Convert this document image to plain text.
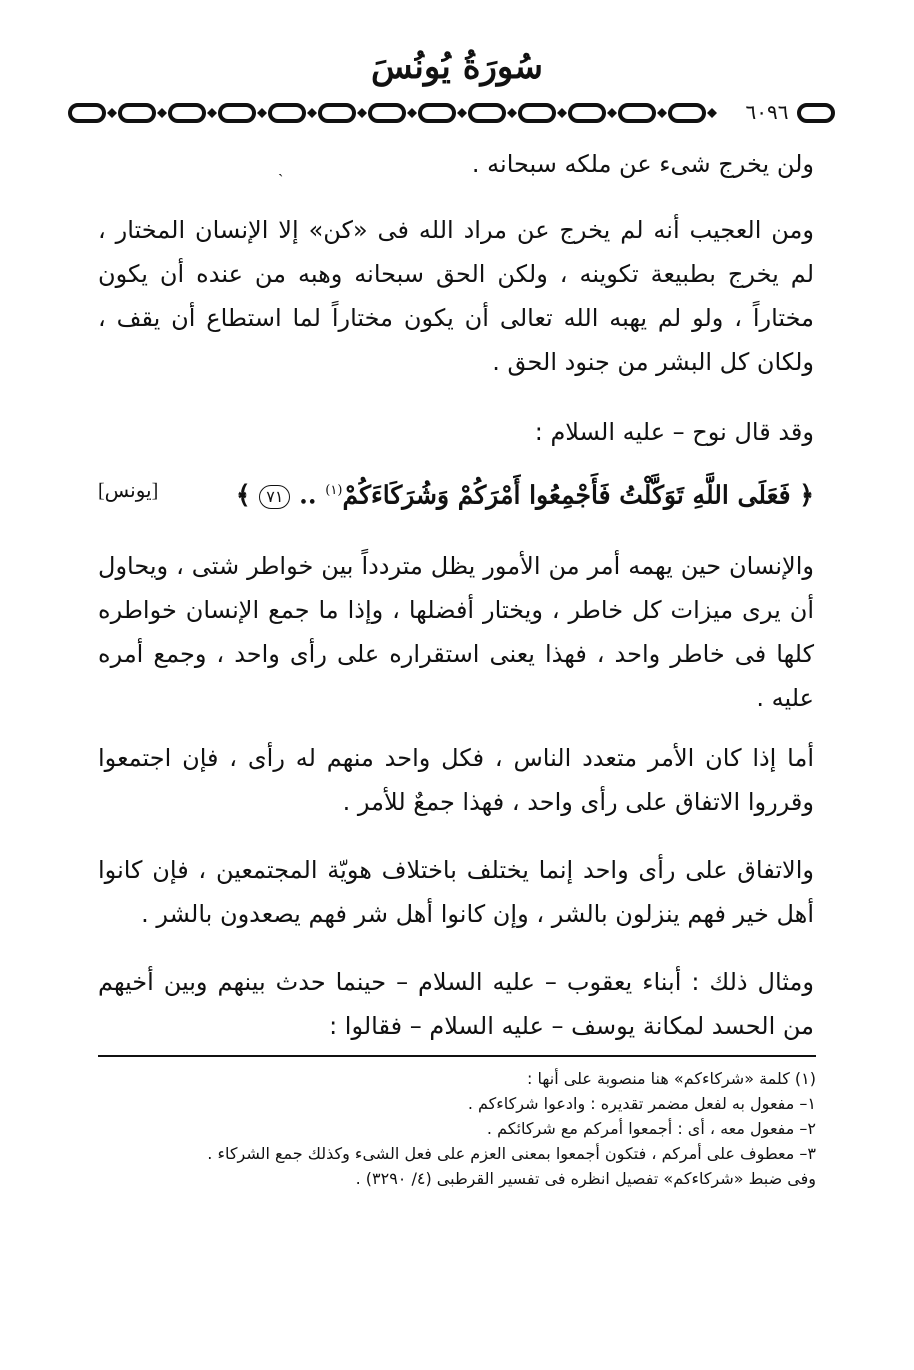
سُورَةُ يُونُسَ
٦٠٩٦
ˎ	ولن يخرج شىء عن ملكه سبحانه .
ومن العجيب أنه لم يخرج عن مراد الله فى «كن» إلا الإنسان المختار ، لم يخرج بطبيعة تكوينه ، ولكن الحق سبحانه وهبه من عنده أن يكون مختاراً ، ولو لم يهبه الله تعالى أن يكون مختاراً لما استطاع أن يقف ، ولكان كل البشر من جنود الحق .
وقد قال نوح – عليه السلام :
﴿ فَعَلَى اللَّهِ تَوَكَّلْتُ فَأَجْمِعُوا أَمْرَكُمْ وَشُرَكَاءَكُمْ$^{(١)}$ .. ٧١ ﴾
[يونس]
والإنسان حين يهمه أمر من الأمور يظل متردداً بين خواطر شتى ، ويحاول أن يرى ميزات كل خاطر ، ويختار أفضلها ، وإذا ما جمع الإنسان خواطره كلها فى خاطر واحد ، فهذا يعنى استقراره على رأى واحد ، وجمع أمره عليه .
أما إذا كان الأمر متعدد الناس ، فكل واحد منهم له رأى ، فإن اجتمعوا وقرروا الاتفاق على رأى واحد ، فهذا جمعٌ للأمر .
والاتفاق على رأى واحد إنما يختلف باختلاف هويّة المجتمعين ، فإن كانوا أهل خير فهم ينزلون بالشر ، وإن كانوا أهل شر فهم يصعدون بالشر .
ومثال ذلك : أبناء يعقوب – عليه السلام – حينما حدث بينهم وبين أخيهم من الحسد لمكانة يوسف – عليه السلام – فقالوا :
(١) كلمة «شركاءكم» هنا منصوبة على أنها :
١– مفعول به لفعل مضمر تقديره : وادعوا شركاءكم .
٢– مفعول معه ، أى : أجمعوا أمركم مع شركائكم .
٣– معطوف على أمركم ، فتكون أجمعوا بمعنى العزم على فعل الشىء وكذلك جمع الشركاء .
وفى ضبط «شركاءكم» تفصيل انظره فى تفسير القرطبى (٤/ ٣٢٩٠) .
